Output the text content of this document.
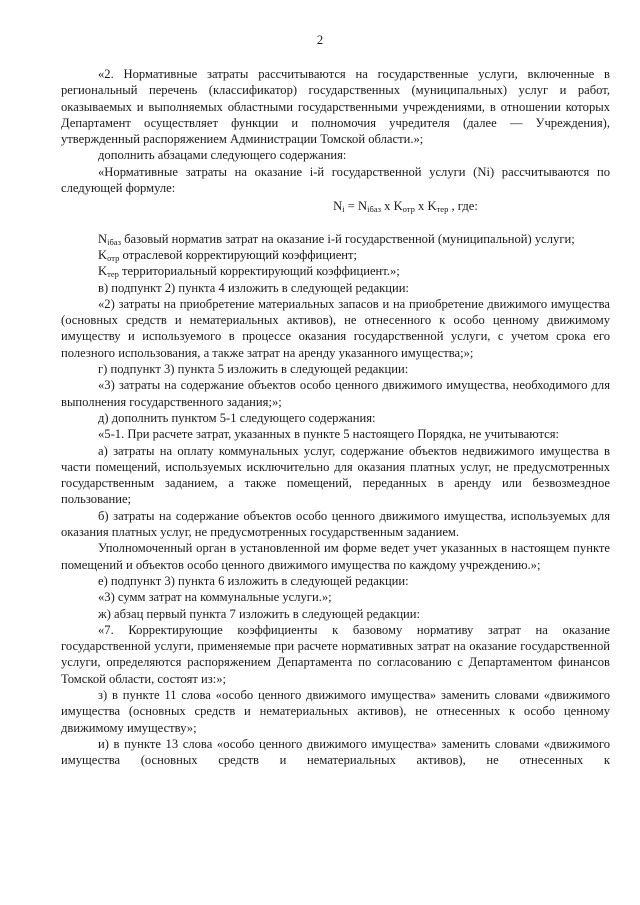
2

«2. Нормативные затраты рассчитываются на государственные услуги, включенные в региональный перечень (классификатор) государственных (муниципальных) услуг и работ, оказываемых и выполняемых областными государственными учреждениями, в отношении которых Департамент осуществляет функции и полномочия учредителя (далее — Учреждения), утвержденный распоряжением Администрации Томской области.»;

дополнить абзацами следующего содержания:

«Нормативные затраты на оказание i-й государственной услуги (Ni) рассчитываются по следующей формуле:

$N_i = N_{iбаз}$ x $K_{отр}$ x $K_{тер}$ , где:

$N_{iбаз}$ базовый норматив затрат на оказание i-й государственной (муниципальной) услуги;

$K_{отр}$ отраслевой корректирующий коэффициент;

$K_{тер}$ территориальный корректирующий коэффициент.»;

в) подпункт 2) пункта 4 изложить в следующей редакции:

«2) затраты на приобретение материальных запасов и на приобретение движимого имущества (основных средств и нематериальных активов), не отнесенного к особо ценному движимому имуществу и используемого в процессе оказания государственной услуги, с учетом срока его полезного использования, а также затрат на аренду указанного имущества;»;

г) подпункт 3) пункта 5 изложить в следующей редакции:

«3) затраты на содержание объектов особо ценного движимого имущества, необходимого для выполнения государственного задания;»;

д) дополнить пунктом 5-1 следующего содержания:

«5-1. При расчете затрат, указанных в пункте 5 настоящего Порядка, не учитываются:

а) затраты на оплату коммунальных услуг, содержание объектов недвижимого имущества в части помещений, используемых исключительно для оказания платных услуг, не предусмотренных государственным заданием, а также помещений, переданных в аренду или безвозмездное пользование;

б) затраты на содержание объектов особо ценного движимого имущества, используемых для оказания платных услуг, не предусмотренных государственным заданием.

Уполномоченный орган в установленной им форме ведет учет указанных в настоящем пункте помещений и объектов особо ценного движимого имущества по каждому учреждению.»;

е) подпункт 3) пункта 6 изложить в следующей редакции:

«3) сумм затрат на коммунальные услуги.»;

ж) абзац первый пункта 7 изложить в следующей редакции:

«7. Корректирующие коэффициенты к базовому нормативу затрат на оказание государственной услуги, применяемые при расчете нормативных затрат на оказание государственной услуги, определяются распоряжением Департамента по согласованию с Департаментом финансов Томской области, состоят из:»;

з) в пункте 11 слова «особо ценного движимого имущества» заменить словами «движимого имущества (основных средств и нематериальных активов), не отнесенных к особо ценному движимому имуществу»;

и) в пункте 13 слова «особо ценного движимого имущества» заменить словами «движимого имущества (основных средств и нематериальных активов), не отнесенных к
